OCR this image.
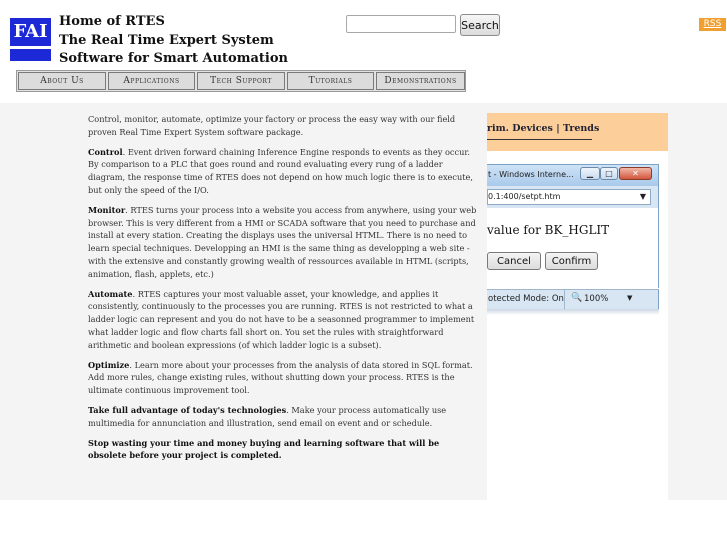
FAI Home of RTES
The Real Time Expert System
Software for Smart Automation
Search	RSS
About Us	Applications	Tech Support	Tutorials	Demonstrations

Control, monitor, automate, optimize your factory or process the easy way with our field proven Real Time Expert System software package.

Control. Event driven forward chaining Inference Engine responds to events as they occur. By comparison to a PLC that goes round and round evaluating every rung of a ladder diagram, the response time of RTES does not depend on how much logic there is to execute, but only the speed of the I/O.

Monitor. RTES turns your process into a website you access from anywhere, using your web browser. This is very different from a HMI or SCADA software that you need to purchase and install at every station. Creating the displays uses the universal HTML. There is no need to learn special techniques. Developping an HMI is the same thing as developping a web site - with the extensive and constantly growing wealth of ressources available in HTML (scripts, animation, flash, applets, etc.)

Automate. RTES captures your most valuable asset, your knowledge, and applies it consistently, continuously to the processes you are running. RTES is not restricted to what a ladder logic can represent and you do not have to be a seasonned programmer to implement what ladder logic and flow charts fall short on. You set the rules with straightforward arithmetic and boolean expressions (of which ladder logic is a subset).

Optimize. Learn more about your processes from the analysis of data stored in SQL format. Add more rules, change existing rules, without shutting down your process. RTES is the ultimate continuous improvement tool.

Take full advantage of today's technologies. Make your process automatically use multimedia for annunciation and illustration, send email on event and or schedule.

Stop wasting your time and money buying and learning software that will be obsolete before your project is completed.

rim. Devices | Trends
t - Windows Interne...	▁	□	✕
0.1:400/setpt.htm	▼
value for BK_HGLIT
Cancel	Confirm
otected Mode: On 🔍 100%	▼
